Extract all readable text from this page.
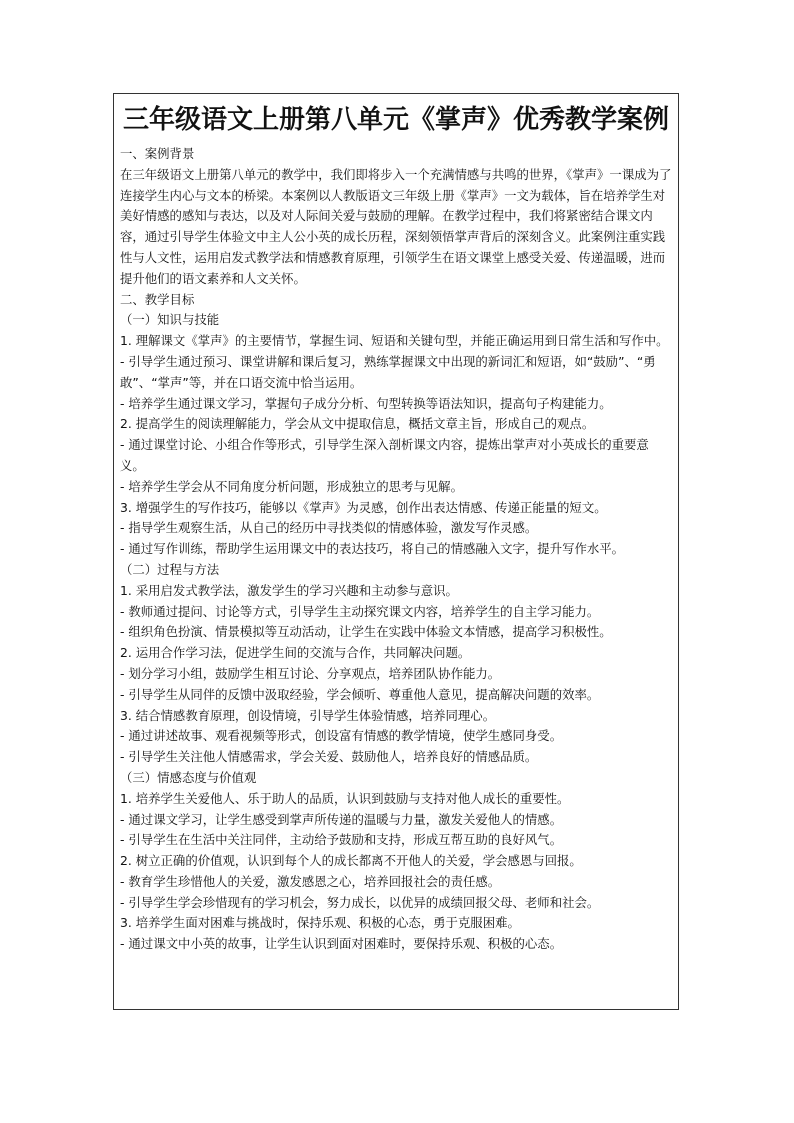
三年级语文上册第八单元《掌声》优秀教学案例
一、案例背景
在三年级语文上册第八单元的教学中，我们即将步入一个充满情感与共鸣的世界，《掌声》一课成为了连接学生内心与文本的桥梁。本案例以人教版语文三年级上册《掌声》一文为载体，旨在培养学生对美好情感的感知与表达，以及对人际间关爱与鼓励的理解。在教学过程中，我们将紧密结合课文内容，通过引导学生体验文中主人公小英的成长历程，深刻领悟掌声背后的深刻含义。此案例注重实践性与人文性，运用启发式教学法和情感教育原理，引领学生在语文课堂上感受关爱、传递温暖，进而提升他们的语文素养和人文关怀。
二、教学目标
（一）知识与技能
1. 理解课文《掌声》的主要情节，掌握生词、短语和关键句型，并能正确运用到日常生活和写作中。
- 引导学生通过预习、课堂讲解和课后复习，熟练掌握课文中出现的新词汇和短语，如“鼓励”、“勇敢”、“掌声”等，并在口语交流中恰当运用。
- 培养学生通过课文学习，掌握句子成分分析、句型转换等语法知识，提高句子构建能力。
2. 提高学生的阅读理解能力，学会从文中提取信息，概括文章主旨，形成自己的观点。
- 通过课堂讨论、小组合作等形式，引导学生深入剖析课文内容，提炼出掌声对小英成长的重要意义。
- 培养学生学会从不同角度分析问题，形成独立的思考与见解。
3. 增强学生的写作技巧，能够以《掌声》为灵感，创作出表达情感、传递正能量的短文。
- 指导学生观察生活，从自己的经历中寻找类似的情感体验，激发写作灵感。
- 通过写作训练，帮助学生运用课文中的表达技巧，将自己的情感融入文字，提升写作水平。
（二）过程与方法
1. 采用启发式教学法，激发学生的学习兴趣和主动参与意识。
- 教师通过提问、讨论等方式，引导学生主动探究课文内容，培养学生的自主学习能力。
- 组织角色扮演、情景模拟等互动活动，让学生在实践中体验文本情感，提高学习积极性。
2. 运用合作学习法，促进学生间的交流与合作，共同解决问题。
- 划分学习小组，鼓励学生相互讨论、分享观点，培养团队协作能力。
- 引导学生从同伴的反馈中汲取经验，学会倾听、尊重他人意见，提高解决问题的效率。
3. 结合情感教育原理，创设情境，引导学生体验情感，培养同理心。
- 通过讲述故事、观看视频等形式，创设富有情感的教学情境，使学生感同身受。
- 引导学生关注他人情感需求，学会关爱、鼓励他人，培养良好的情感品质。
（三）情感态度与价值观
1. 培养学生关爱他人、乐于助人的品质，认识到鼓励与支持对他人成长的重要性。
- 通过课文学习，让学生感受到掌声所传递的温暖与力量，激发关爱他人的情感。
- 引导学生在生活中关注同伴，主动给予鼓励和支持，形成互帮互助的良好风气。
2. 树立正确的价值观，认识到每个人的成长都离不开他人的关爱，学会感恩与回报。
- 教育学生珍惜他人的关爱，激发感恩之心，培养回报社会的责任感。
- 引导学生学会珍惜现有的学习机会，努力成长，以优异的成绩回报父母、老师和社会。
3. 培养学生面对困难与挑战时，保持乐观、积极的心态，勇于克服困难。
- 通过课文中小英的故事，让学生认识到面对困难时，要保持乐观、积极的心态。
